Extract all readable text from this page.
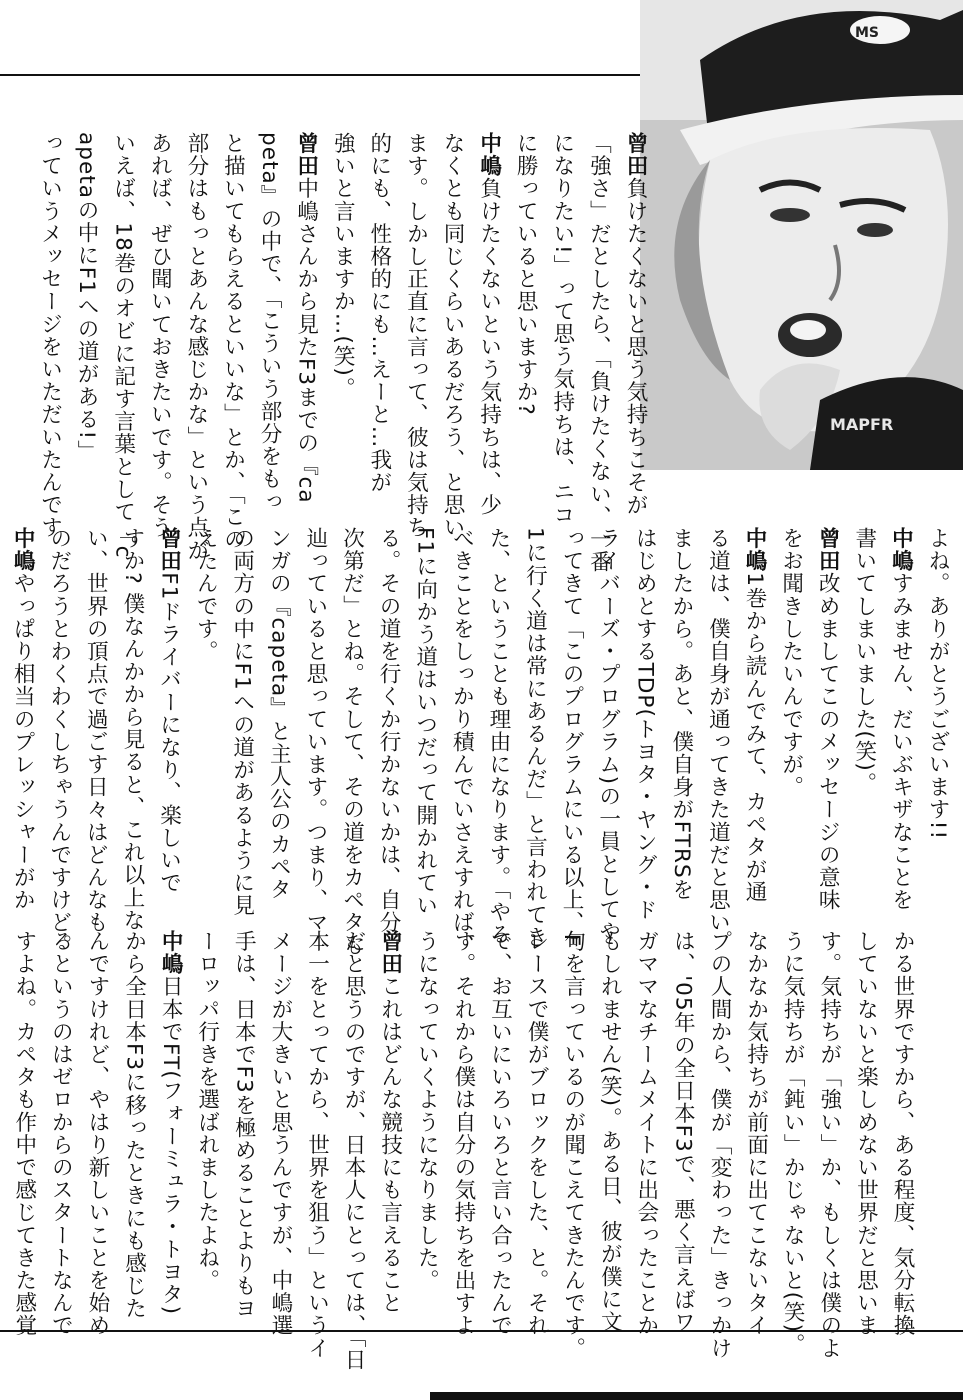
MS
MAPFR
曾田負けたくないと思う気持ちこそが
「強さ」だとしたら、「負けたくない、一番
になりたい!」って思う気持ちは、ニコ
に勝っていると思いますか?
中嶋負けたくないという気持ちは、少
なくとも同じくらいあるだろう、と思い
ます。しかし正直に言って、彼は気持ち
的にも、性格的にも…えーと…我が
強いと言いますか…(笑)。
曾田中嶋さんから見たF3までの『ca
peta』の中で、「こういう部分をもっ
と描いてもらえるといいな」とか、「この
部分はもっとあんな感じかな」という点が
あれば、ぜひ聞いておきたいです。そう
いえば、18巻のオビに記す言葉として「c
apetaの中にF1への道がある!」
っていうメッセージをいただいたんです
よね。ありがとうございます!!
中嶋すみません、だいぶキザなことを
書いてしまいました(笑)。
曾田改めましてこのメッセージの意味
をお聞きしたいんですが。
中嶋1巻から読んでみて、カペタが通
る道は、僕自身が通ってきた道だと思い
ましたから。あと、僕自身がFTRSを
はじめとするTDP(トヨタ・ヤング・ド
ライバーズ・プログラム)の一員としてや
ってきて「このプログラムにいる以上、F
1に行く道は常にあるんだ」と言われてき
た、ということも理由になります。「やる
べきことをしっかり積んでいさえすれば、
F1に向かう道はいつだって開かれてい
る。その道を行くか行かないかは、自分
次第だ」とね。そして、その道をカペタも
辿っていると思っています。つまり、マ
ンガの『capeta』と主人公のカペタ
の両方の中にF1への道があるように見
えたんです。
曾田F1ドライバーになり、楽しいで
すか? 僕なんかから見ると、これ以上な
い、世界の頂点で過ごす日々はどんなも
のだろうとわくわくしちゃうんですけど。
中嶋やっぱり相当のプレッシャーがか
かる世界ですから、ある程度、気分転換
していないと楽しめない世界だと思いま
す。気持ちが「強い」か、もしくは僕のよ
うに気持ちが「鈍い」かじゃないと(笑)。
なかなか気持ちが前面に出てこないタイ
プの人間から、僕が「変わった」きっかけ
は、'05年の全日本F3で、悪く言えばワ
ガママなチームメイトに出会ったことか
もしれません(笑)。ある日、彼が僕に文
句を言っているのが聞こえてきたんです。
レースで僕がブロックをした、と。それ
で、お互いにいろいろと言い合ったんで
す。それから僕は自分の気持ちを出すよ
うになっていくようになりました。
曾田これはどんな競技にも言えること
だと思うのですが、日本人にとっては、「日
本一をとってから、世界を狙う」というイ
メージが大きいと思うんですが、中嶋選
手は、日本でF3を極めることよりもヨ
ーロッパ行きを選ばれましたよね。
中嶋日本でFT(フォーミュラ・トヨタ)
から全日本F3に移ったときにも感じた
んですけれど、やはり新しいことを始め
るというのはゼロからのスタートなんで
すよね。カペタも作中で感じてきた感覚
